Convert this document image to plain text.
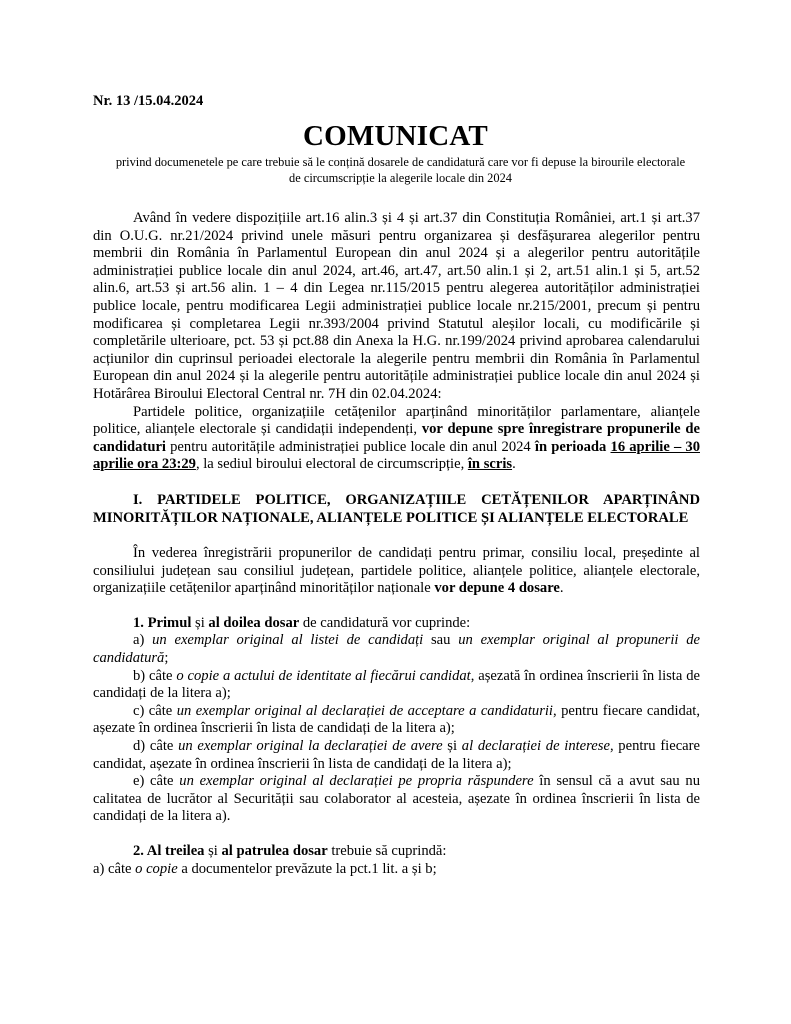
Nr. 13 /15.04.2024
COMUNICAT
privind documenetele pe care trebuie să le conțină dosarele de candidatură care vor fi depuse la birourile electorale
de circumscripție la alegerile locale din 2024

Având în vedere dispozițiile art.16 alin.3 și 4 și art.37 din Constituția României, art.1 și art.37 din O.U.G. nr.21/2024 privind unele măsuri pentru organizarea și desfășurarea alegerilor pentru membrii din România în Parlamentul European din anul 2024 și a alegerilor pentru autoritățile administrației publice locale din anul 2024, art.46, art.47, art.50 alin.1 și 2, art.51 alin.1 și 5, art.52 alin.6, art.53 și art.56 alin. 1 – 4 din Legea nr.115/2015 pentru alegerea autorităților administrației publice locale, pentru modificarea Legii administrației publice locale nr.215/2001, precum și pentru modificarea și completarea Legii nr.393/2004 privind Statutul aleșilor locali, cu modificările și completările ulterioare, pct. 53 și pct.88 din Anexa la H.G. nr.199/2024 privind aprobarea calendarului acțiunilor din cuprinsul perioadei electorale la alegerile pentru membrii din România în Parlamentul European din anul 2024 și la alegerile pentru autoritățile administrației publice locale din anul 2024 și Hotărârea Biroului Electoral Central nr. 7H din 02.04.2024:

Partidele politice, organizațiile cetățenilor aparținând minorităților parlamentare, alianțele politice, alianțele electorale și candidații independenți, vor depune spre înregistrare propunerile de candidaturi pentru autoritățile administrației publice locale din anul 2024 în perioada 16 aprilie – 30 aprilie ora 23:29, la sediul biroului electoral de circumscripție, în scris.

I. PARTIDELE POLITICE, ORGANIZAȚIILE CETĂȚENILOR APARȚINÂND MINORITĂȚILOR NAȚIONALE, ALIANȚELE POLITICE ȘI ALIANȚELE ELECTORALE

În vederea înregistrării propunerilor de candidați pentru primar, consiliu local, președinte al consiliului județean sau consiliul județean, partidele politice, alianțele politice, alianțele electorale, organizațiile cetățenilor aparținând minorităților naționale vor depune 4 dosare.

1. Primul și al doilea dosar de candidatură vor cuprinde:

a) un exemplar original al listei de candidați sau un exemplar original al propunerii de candidatură;

b) câte o copie a actului de identitate al fiecărui candidat, așezată în ordinea înscrierii în lista de candidați de la litera a);

c) câte un exemplar original al declarației de acceptare a candidaturii, pentru fiecare candidat, așezate în ordinea înscrierii în lista de candidați de la litera a);

d) câte un exemplar original la declarației de avere și al declarației de interese, pentru fiecare candidat, așezate în ordinea înscrierii în lista de candidați de la litera a);

e) câte un exemplar original al declarației pe propria răspundere în sensul că a avut sau nu calitatea de lucrător al Securității sau colaborator al acesteia, așezate în ordinea înscrierii în lista de candidați de la litera a).

2. Al treilea și al patrulea dosar trebuie să cuprindă:

a) câte o copie a documentelor prevăzute la pct.1 lit. a și b;
